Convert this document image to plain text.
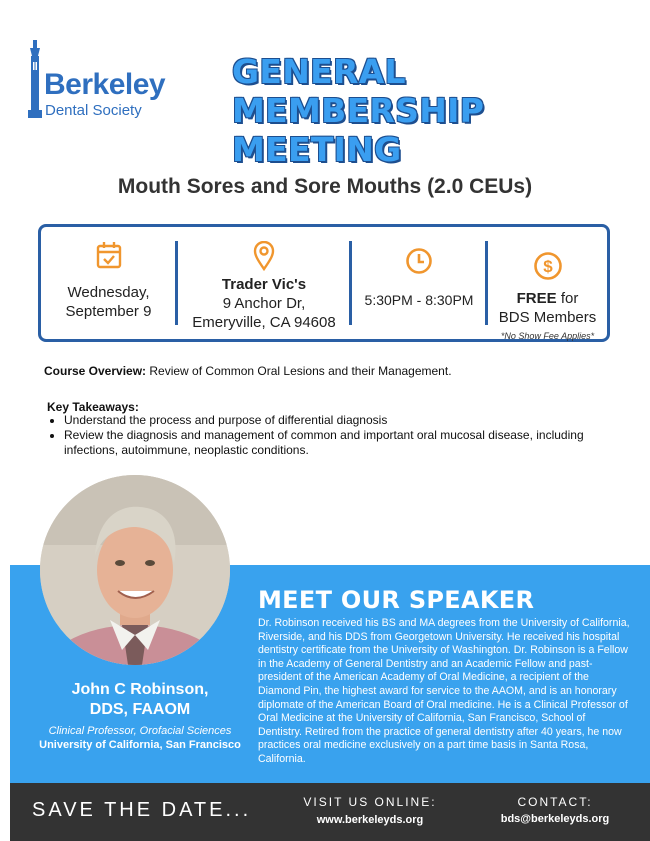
Berkeley
Dental Society
GENERAL MEMBERSHIP
MEETING
Mouth Sores and Sore Mouths (2.0 CEUs)
Wednesday,
September 9
Trader Vic's
9 Anchor Dr,
Emeryville, CA 94608
5:30PM - 8:30PM
$
FREE for
BDS Members
*No Show Fee Applies*
Course Overview: Review of Common Oral Lesions and their Management.
Key Takeaways:
• Understand the process and purpose of differential diagnosis
• Review the diagnosis and management of common and important oral mucosal disease, including infections, autoimmune, neoplastic conditions.
John C Robinson,
DDS, FAAOM
Clinical Professor, Orofacial Sciences
University of California, San Francisco
MEET OUR SPEAKER
Dr. Robinson received his BS and MA degrees from the University of California, Riverside, and his DDS from Georgetown University. He received his hospital dentistry certificate from the University of Washington. Dr. Robinson is a Fellow in the Academy of General Dentistry and an Academic Fellow and past-president of the American Academy of Oral Medicine, a recipient of the Diamond Pin, the highest award for service to the AAOM, and is an honorary diplomate of the American Board of Oral medicine. He is a Clinical Professor of Oral Medicine at the University of California, San Francisco, School of Dentistry. Retired from the practice of general dentistry after 40 years, he now practices oral medicine exclusively on a part time basis in Santa Rosa, California.
SAVE THE DATE...	VISIT US ONLINE:
www.berkeleyds.org
CONTACT:
bds@berkeleyds.org
